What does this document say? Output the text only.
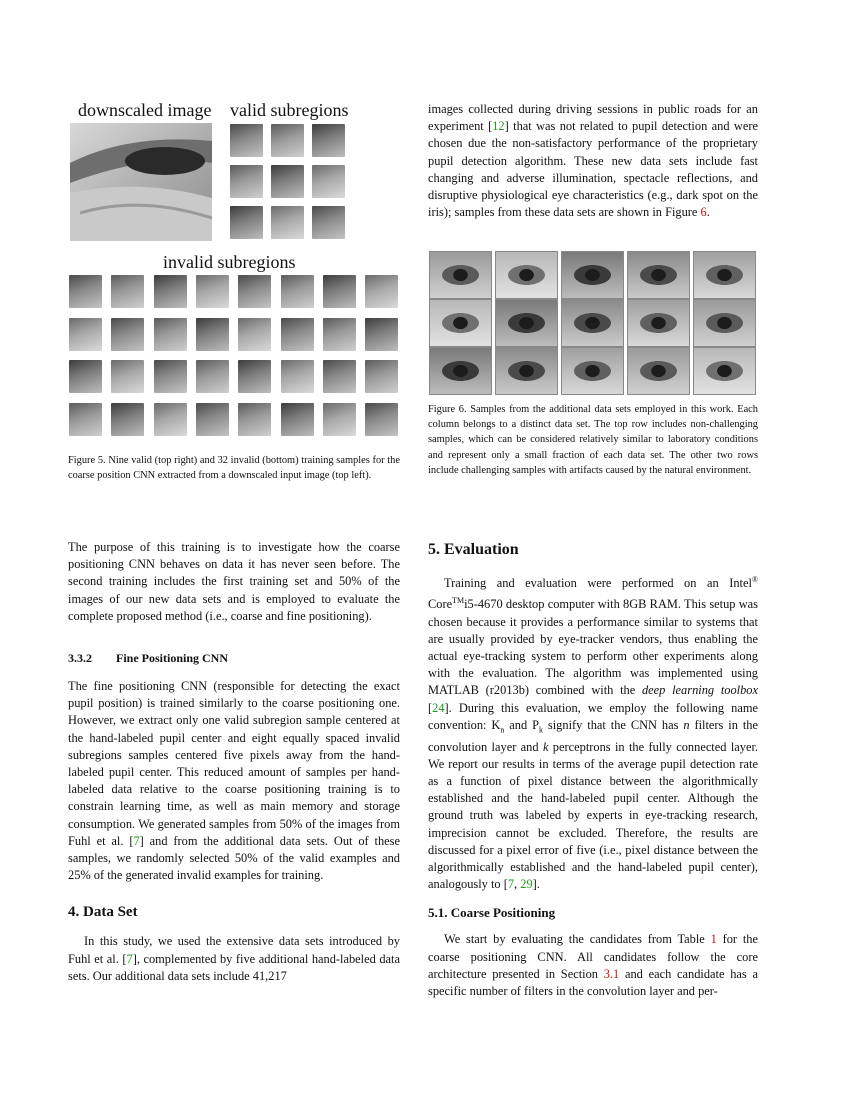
downscaled image valid subregions
invalid subregions

Figure 5. Nine valid (top right) and 32 invalid (bottom) training samples for the coarse position CNN extracted from a downscaled input image (top left).

The purpose of this training is to investigate how the coarse positioning CNN behaves on data it has never seen before. The second training includes the first training set and 50% of the images of our new data sets and is employed to evaluate the complete proposed method (i.e., coarse and fine positioning).

3.3.2 Fine Positioning CNN

The fine positioning CNN (responsible for detecting the exact pupil position) is trained similarly to the coarse positioning one. However, we extract only one valid subregion sample centered at the hand-labeled pupil center and eight equally spaced invalid subregions samples centered five pixels away from the hand-labeled pupil center. This reduced amount of samples per hand-labeled data relative to the coarse positioning training is to constrain learning time, as well as main memory and storage consumption. We generated samples from 50% of the images from Fuhl et al. [7] and from the additional data sets. Out of these samples, we randomly selected 50% of the valid examples and 25% of the generated invalid examples for training.

4. Data Set

In this study, we used the extensive data sets introduced by Fuhl et al. [7], complemented by five additional hand-labeled data sets. Our additional data sets include 41,217

images collected during driving sessions in public roads for an experiment [12] that was not related to pupil detection and were chosen due the non-satisfactory performance of the proprietary pupil detection algorithm. These new data sets include fast changing and adverse illumination, spectacle reflections, and disruptive physiological eye characteristics (e.g., dark spot on the iris); samples from these data sets are shown in Figure 6.

Figure 6. Samples from the additional data sets employed in this work. Each column belongs to a distinct data set. The top row includes non-challenging samples, which can be considered relatively similar to laboratory conditions and represent only a small fraction of each data set. The other two rows include challenging samples with artifacts caused by the natural environment.

5. Evaluation

Training and evaluation were performed on an Intel® Core™i5-4670 desktop computer with 8GB RAM. This setup was chosen because it provides a performance similar to systems that are usually provided by eye-tracker vendors, thus enabling the actual eye-tracking system to perform other experiments along with the evaluation. The algorithm was implemented using MATLAB (r2013b) combined with the deep learning toolbox [24]. During this evaluation, we employ the following name convention: $K_n$ and $P_k$ signify that the CNN has n filters in the convolution layer and k perceptrons in the fully connected layer. We report our results in terms of the average pupil detection rate as a function of pixel distance between the algorithmically established and the hand-labeled pupil center. Although the ground truth was labeled by experts in eye-tracking research, imprecision cannot be excluded. Therefore, the results are discussed for a pixel error of five (i.e., pixel distance between the algorithmically established and the hand-labeled pupil center), analogously to [7, 29].

5.1. Coarse Positioning

We start by evaluating the candidates from Table 1 for the coarse positioning CNN. All candidates follow the core architecture presented in Section 3.1 and each candidate has a specific number of filters in the convolution layer and per-
